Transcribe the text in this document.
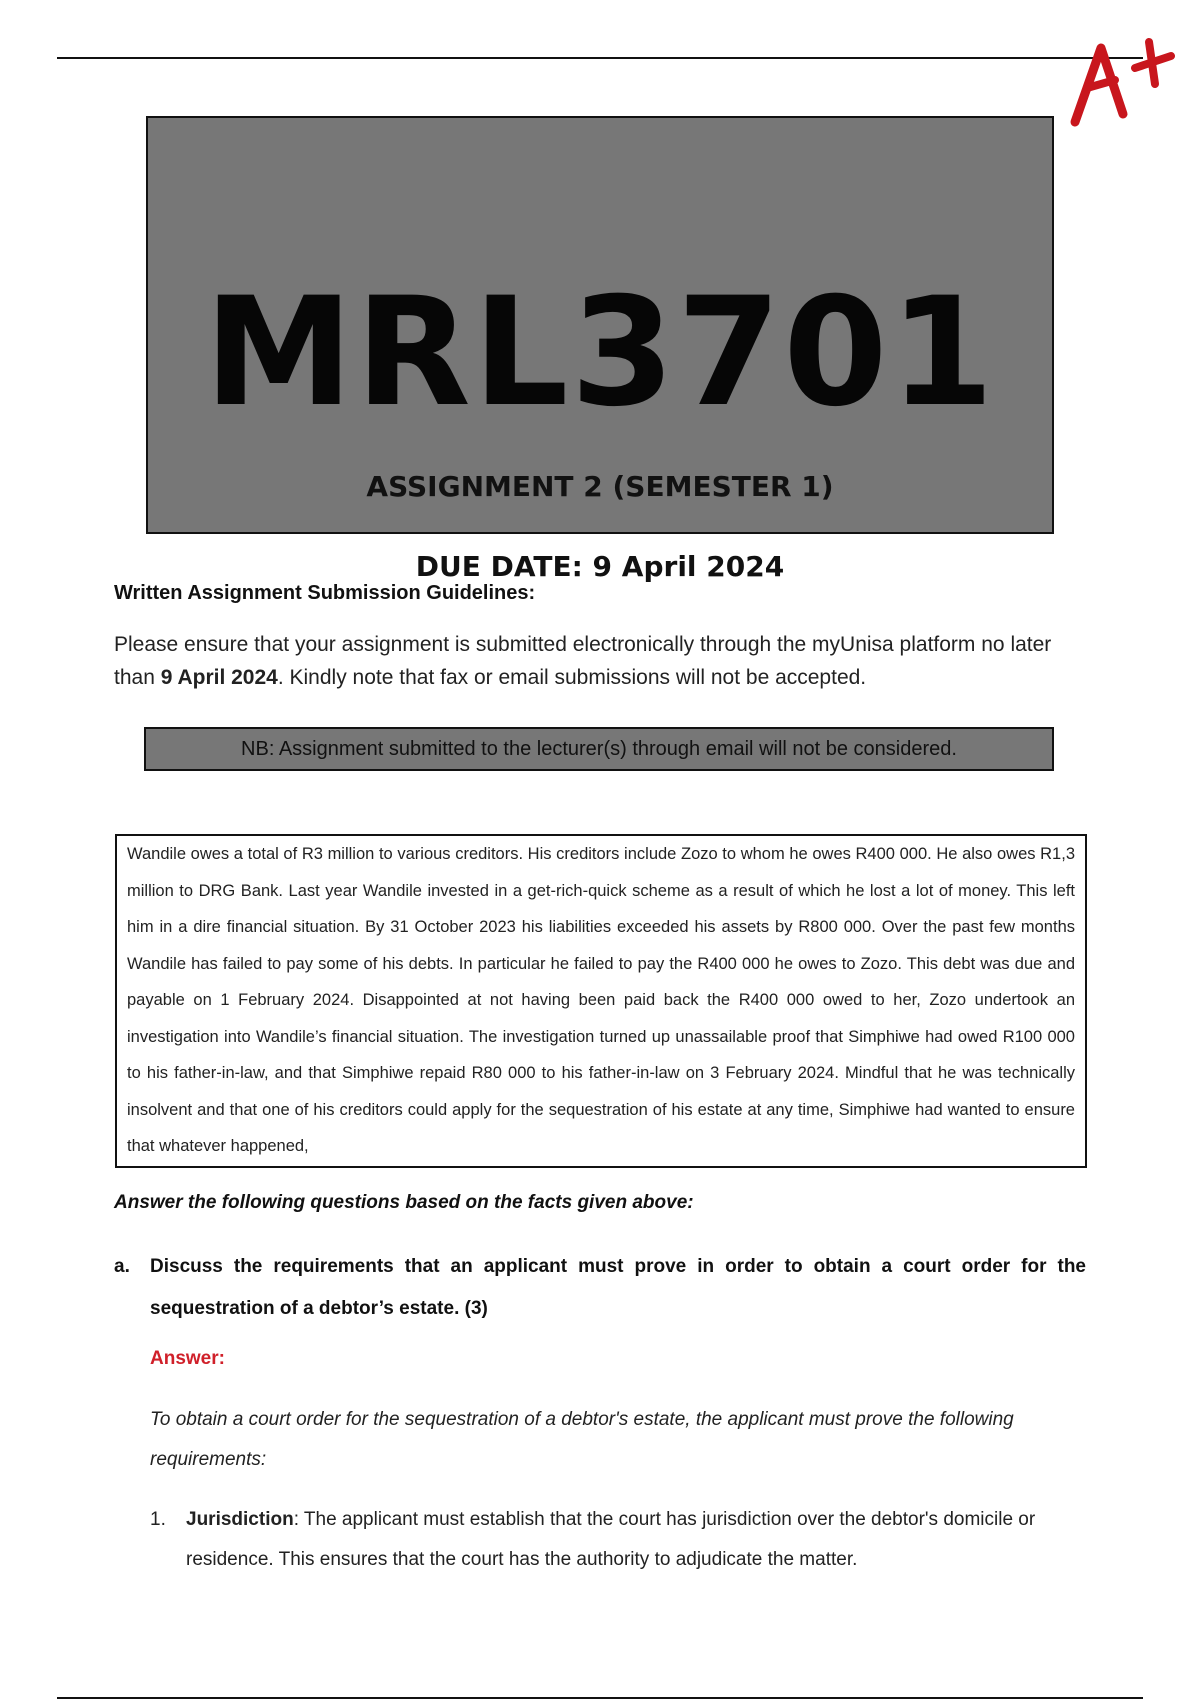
MRL3701
ASSIGNMENT 2 (SEMESTER 1)
DUE DATE: 9 April 2024
Written Assignment Submission Guidelines:
Please ensure that your assignment is submitted electronically through the myUnisa platform no later than 9 April 2024. Kindly note that fax or email submissions will not be accepted.
NB: Assignment submitted to the lecturer(s) through email will not be considered.
Wandile owes a total of R3 million to various creditors. His creditors include Zozo to whom he owes R400 000. He also owes R1,3 million to DRG Bank. Last year Wandile invested in a get-rich-quick scheme as a result of which he lost a lot of money. This left him in a dire financial situation. By 31 October 2023 his liabilities exceeded his assets by R800 000. Over the past few months Wandile has failed to pay some of his debts. In particular he failed to pay the R400 000 he owes to Zozo. This debt was due and payable on 1 February 2024. Disappointed at not having been paid back the R400 000 owed to her, Zozo undertook an investigation into Wandile’s financial situation. The investigation turned up unassailable proof that Simphiwe had owed R100 000 to his father-in-law, and that Simphiwe repaid R80 000 to his father-in-law on 3 February 2024. Mindful that he was technically insolvent and that one of his creditors could apply for the sequestration of his estate at any time, Simphiwe had wanted to ensure that whatever happened,
Answer the following questions based on the facts given above:
a. Discuss the requirements that an applicant must prove in order to obtain a court order for the sequestration of a debtor’s estate. (3)
Answer:
To obtain a court order for the sequestration of a debtor's estate, the applicant must prove the following requirements:
1. Jurisdiction: The applicant must establish that the court has jurisdiction over the debtor's domicile or residence. This ensures that the court has the authority to adjudicate the matter.
